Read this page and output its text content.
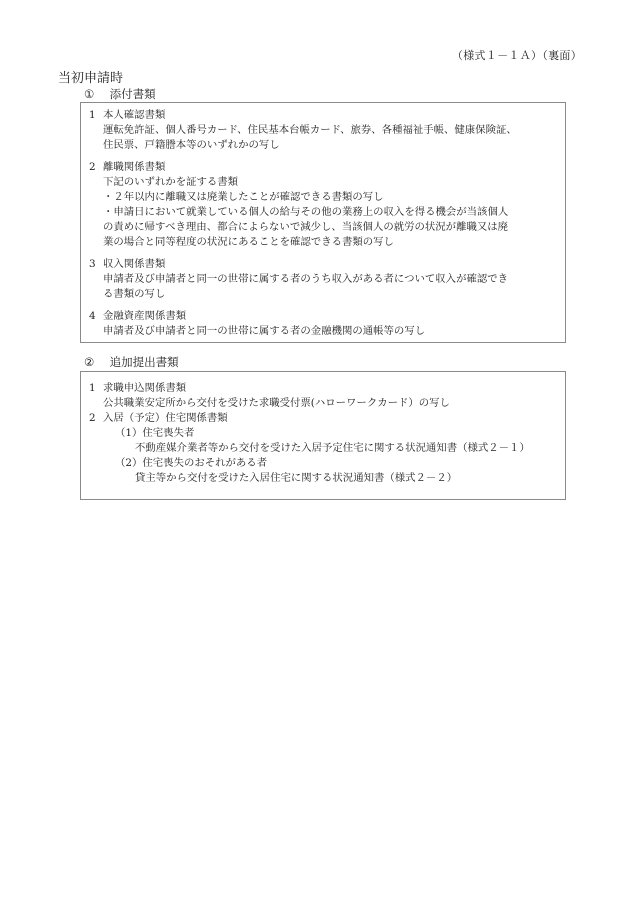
（様式１－１Ａ）（裏面）
当初申請時
① 添付書類
1 本人確認書類
運転免許証、個人番号カード、住民基本台帳カード、旅券、各種福祉手帳、健康保険証、
住民票、戸籍謄本等のいずれかの写し
2 離職関係書類
下記のいずれかを証する書類
・２年以内に離職又は廃業したことが確認できる書類の写し
・申請日において就業している個人の給与その他の業務上の収入を得る機会が当該個人
の責めに帰すべき理由、都合によらないで減少し、当該個人の就労の状況が離職又は廃
業の場合と同等程度の状況にあることを確認できる書類の写し
3 収入関係書類
申請者及び申請者と同一の世帯に属する者のうち収入がある者について収入が確認でき
る書類の写し
4 金融資産関係書類
申請者及び申請者と同一の世帯に属する者の金融機関の通帳等の写し
② 追加提出書類
1 求職申込関係書類
公共職業安定所から交付を受けた求職受付票(ハローワークカード）の写し
2 入居（予定）住宅関係書類
（1）住宅喪失者
不動産媒介業者等から交付を受けた入居予定住宅に関する状況通知書（様式２－１）
（2）住宅喪失のおそれがある者
貸主等から交付を受けた入居住宅に関する状況通知書（様式２－２）
